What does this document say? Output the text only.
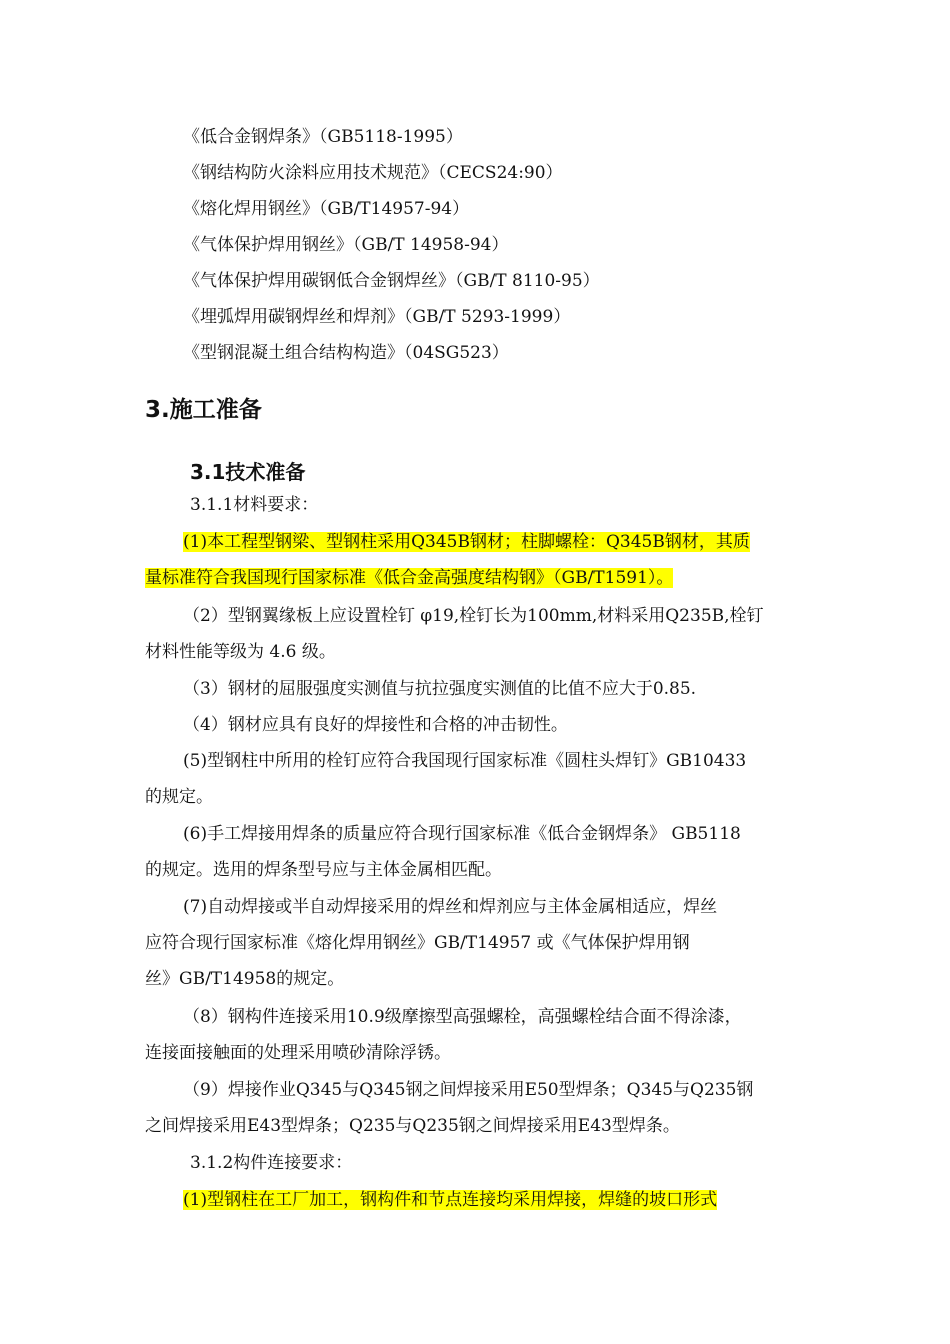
《低合金钢焊条》（GB5118-1995）
《钢结构防火涂料应用技术规范》（CECS24:90）
《熔化焊用钢丝》（GB/T14957-94）
《气体保护焊用钢丝》（GB/T 14958-94）
《气体保护焊用碳钢低合金钢焊丝》（GB/T 8110-95）
《埋弧焊用碳钢焊丝和焊剂》（GB/T 5293-1999）
《型钢混凝土组合结构构造》（04SG523）
3.施工准备
3.1技术准备
3.1.1材料要求：
(1)本工程型钢梁、型钢柱采用Q345B钢材；柱脚螺栓：Q345B钢材，其质
量标准符合我国现行国家标准《低合金高强度结构钢》（GB/T1591）。
（2）型钢翼缘板上应设置栓钉 φ19,栓钉长为100mm,材料采用Q235B,栓钉
材料性能等级为 4.6 级。
（3）钢材的屈服强度实测值与抗拉强度实测值的比值不应大于0.85.
（4）钢材应具有良好的焊接性和合格的冲击韧性。
(5)型钢柱中所用的栓钉应符合我国现行国家标准《圆柱头焊钉》GB10433
的规定。
(6)手工焊接用焊条的质量应符合现行国家标准《低合金钢焊条》 GB5118
的规定。选用的焊条型号应与主体金属相匹配。
(7)自动焊接或半自动焊接采用的焊丝和焊剂应与主体金属相适应，焊丝
应符合现行国家标准《熔化焊用钢丝》GB/T14957 或《气体保护焊用钢
丝》GB/T14958的规定。
（8）钢构件连接采用10.9级摩擦型高强螺栓，高强螺栓结合面不得涂漆，
连接面接触面的处理采用喷砂清除浮锈。
（9）焊接作业Q345与Q345钢之间焊接采用E50型焊条；Q345与Q235钢
之间焊接采用E43型焊条；Q235与Q235钢之间焊接采用E43型焊条。
3.1.2构件连接要求：
(1)型钢柱在工厂加工，钢构件和节点连接均采用焊接，焊缝的坡口形式
